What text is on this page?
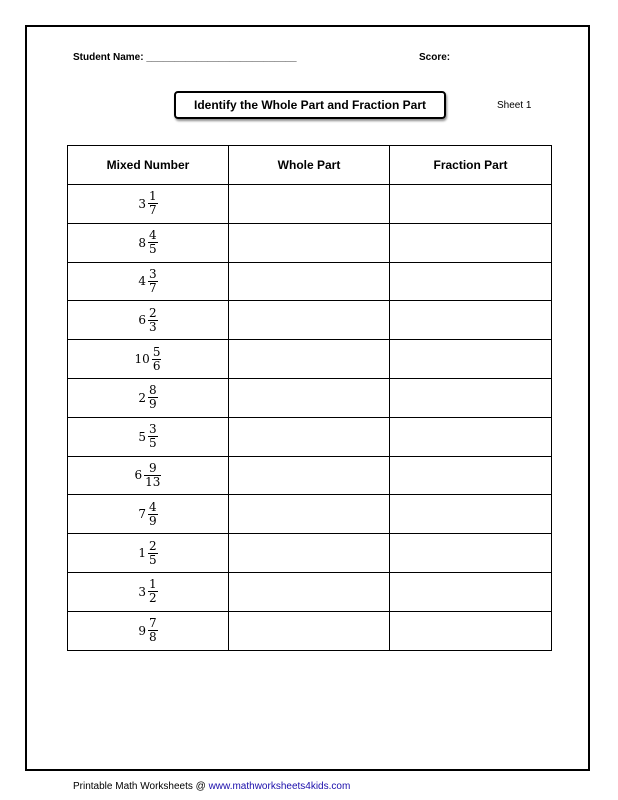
Student Name: ___________________________	Score:
Identify the Whole Part and Fraction Part	Sheet 1
Mixed Number	Whole Part	Fraction Part

$3 \frac{1}{7}$

$8 \frac{4}{5}$

$4 \frac{3}{7}$

$6 \frac{2}{3}$

$10 \frac{5}{6}$

$2 \frac{8}{9}$

$5 \frac{3}{5}$

$6 \frac{9}{13}$

$7 \frac{4}{9}$

$1 \frac{2}{5}$

$3 \frac{1}{2}$

$9 \frac{7}{8}$

Printable Math Worksheets @ www.mathworksheets4kids.com
